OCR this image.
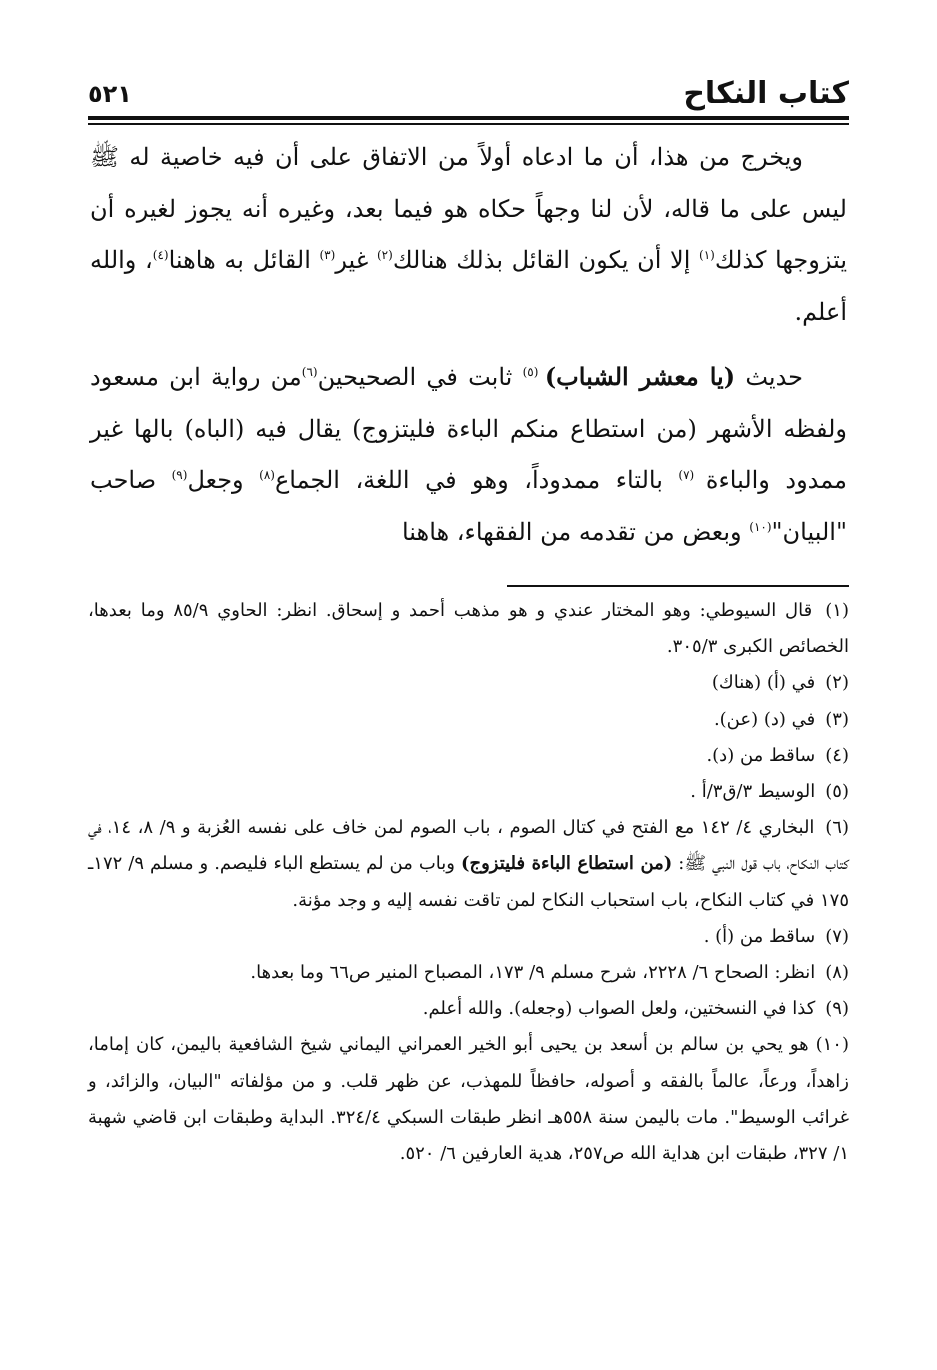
كتاب النكاح
٥٢١

ويخرج من هذا، أن ما ادعاه أولاً من الاتفاق على أن فيه خاصية له ﷺ ليس على ما قاله، لأن لنا وجهاً حكاه هو فيما بعد، وغيره أنه يجوز لغيره أن يتزوجها كذلك$^{(١)}$ إلا أن يكون القائل بذلك هنالك$^{(٢)}$ غير$^{(٣)}$ القائل به هاهنا$^{(٤)}$، والله أعلم.

حديث (يا معشر الشباب) $^{(٥)}$ ثابت في الصحيحين$^{(٦)}$من رواية ابن مسعود ولفظه الأشهر (من استطاع منكم الباءة فليتزوج) يقال فيه (الباه) بالها غير ممدود والباءة $^{(٧)}$ بالتاء ممدوداً، وهو في اللغة، الجماع$^{(٨)}$ وجعل$^{(٩)}$ صاحب "البيان"$^{(١٠)}$ وبعض من تقدمه من الفقهاء، هاهنا

(١) قال السيوطي: وهو المختار عندي و هو مذهب أحمد و إسحاق. انظر: الحاوي ٨٥/٩ وما بعدها، الخصائص الكبرى ٣٠٥/٣.
(٢) في (أ) (هناك)
(٣) في (د) (عن).
(٤) ساقط من (د).
(٥) الوسيط ٣/ق٣/أ .
(٦) البخاري ٤/ ١٤٢ مع الفتح في كتال الصوم ، باب الصوم لمن خاف على نفسه العُزبة و ٩/ ٨، ١٤، في كتاب النكاح، باب قول النبي ﷺ: (من استطاع الباءة فليتزوج) وباب من لم يستطع الباء فليصم. و مسلم ٩/ ١٧٢ـ ١٧٥ في كتاب النكاح، باب استحباب النكاح لمن تاقت نفسه إليه و وجد مؤنة.
(٧) ساقط من (أ) .
(٨) انظر: الصحاح ٦/ ٢٢٢٨، شرح مسلم ٩/ ١٧٣، المصباح المنير ص٦٦ وما بعدها.
(٩) كذا في النسختين، ولعل الصواب (وجعله). والله أعلم.
(١٠) هو يحي بن سالم بن أسعد بن يحيى أبو الخير العمراني اليماني شيخ الشافعية باليمن، كان إماما، زاهداً، ورعاً، عالماً بالفقه و أصوله، حافظاً للمهذب، عن ظهر قلب. و من مؤلفاته "البيان، والزائد، و غرائب الوسيط". مات باليمن سنة ٥٥٨هـ انظر طبقات السبكي ٣٢٤/٤. البداية وطبقات ابن قاضي شهبة ١/ ٣٢٧، طبقات ابن هداية الله ص٢٥٧، هدية العارفين ٦/ ٥٢٠.
